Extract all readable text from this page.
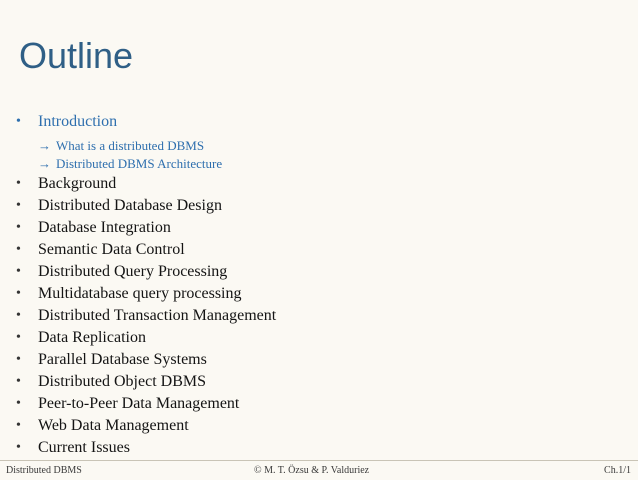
Outline
• Introduction
→ What is a distributed DBMS
→ Distributed DBMS Architecture
• Background
• Distributed Database Design
• Database Integration
• Semantic Data Control
• Distributed Query Processing
• Multidatabase query processing
• Distributed Transaction Management
• Data Replication
• Parallel Database Systems
• Distributed Object DBMS
• Peer-to-Peer Data Management
• Web Data Management
• Current Issues
Distributed DBMS	© M. T. Özsu & P. Valduriez	Ch.1/1
